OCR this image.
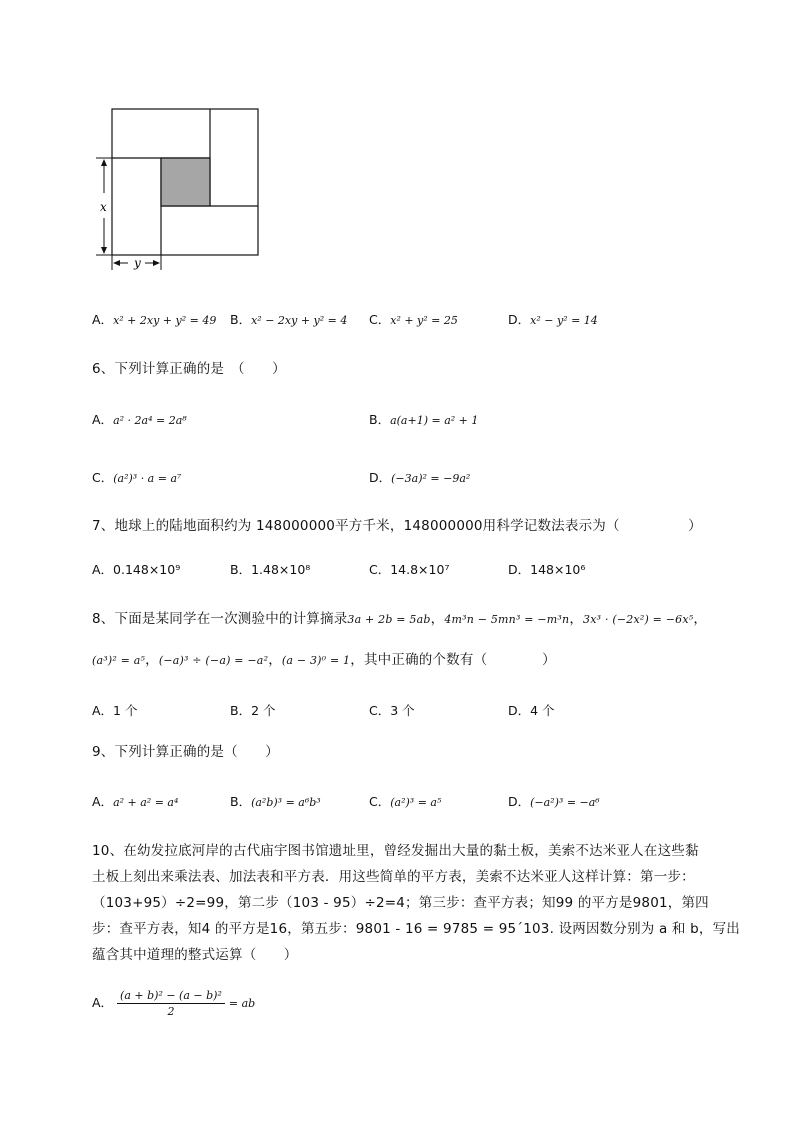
x
y
A．x² + 2xy + y² = 49 B．x² − 2xy + y² = 4 C．x² + y² = 25	D．x² − y² = 14
6、下列计算正确的是　（　　）
A．a² · 2a⁴ = 2a⁸	B．a(a+1) = a² + 1
C．(a²)³ · a = a⁷	D．(−3a)² = −9a²
7、地球上的陆地面积约为 148000000平方千米，148000000用科学记数法表示为（　　　　　）
A．0.148×10⁹	B．1.48×10⁸	C．14.8×10⁷	D．148×10⁶
8、下面是某同学在一次测验中的计算摘录3a + 2b = 5ab，4m³n − 5mn³ = −m³n，3x³ · (−2x²) = −6x⁵，
(a³)² = a⁵，(−a)³ ÷ (−a) = −a²，(a − 3)⁰ = 1，其中正确的个数有（　　　　）
A．1 个	B．2 个	C．3 个	D．4 个
9、下列计算正确的是（　　）
A．a² + a² = a⁴	B．(a²b)³ = a⁶b³	C．(a²)³ = a⁵	D．(−a²)³ = −a⁶
10、在幼发拉底河岸的古代庙宇图书馆遗址里，曾经发掘出大量的黏土板，美索不达米亚人在这些黏
土板上刻出来乘法表、加法表和平方表．用这些简单的平方表，美索不达米亚人这样计算：第一步：
（103+95）÷2=99，第二步（103 - 95）÷2=4；第三步：查平方表；知99 的平方是9801，第四
步：查平方表，知4 的平方是16，第五步：9801 - 16 = 9785 = 95´103. 设两因数分别为 a 和 b，写出
蕴含其中道理的整式运算（　　）
A． $\frac{\text{(a + b)² − (a − b)²}}{2}$ = ab
